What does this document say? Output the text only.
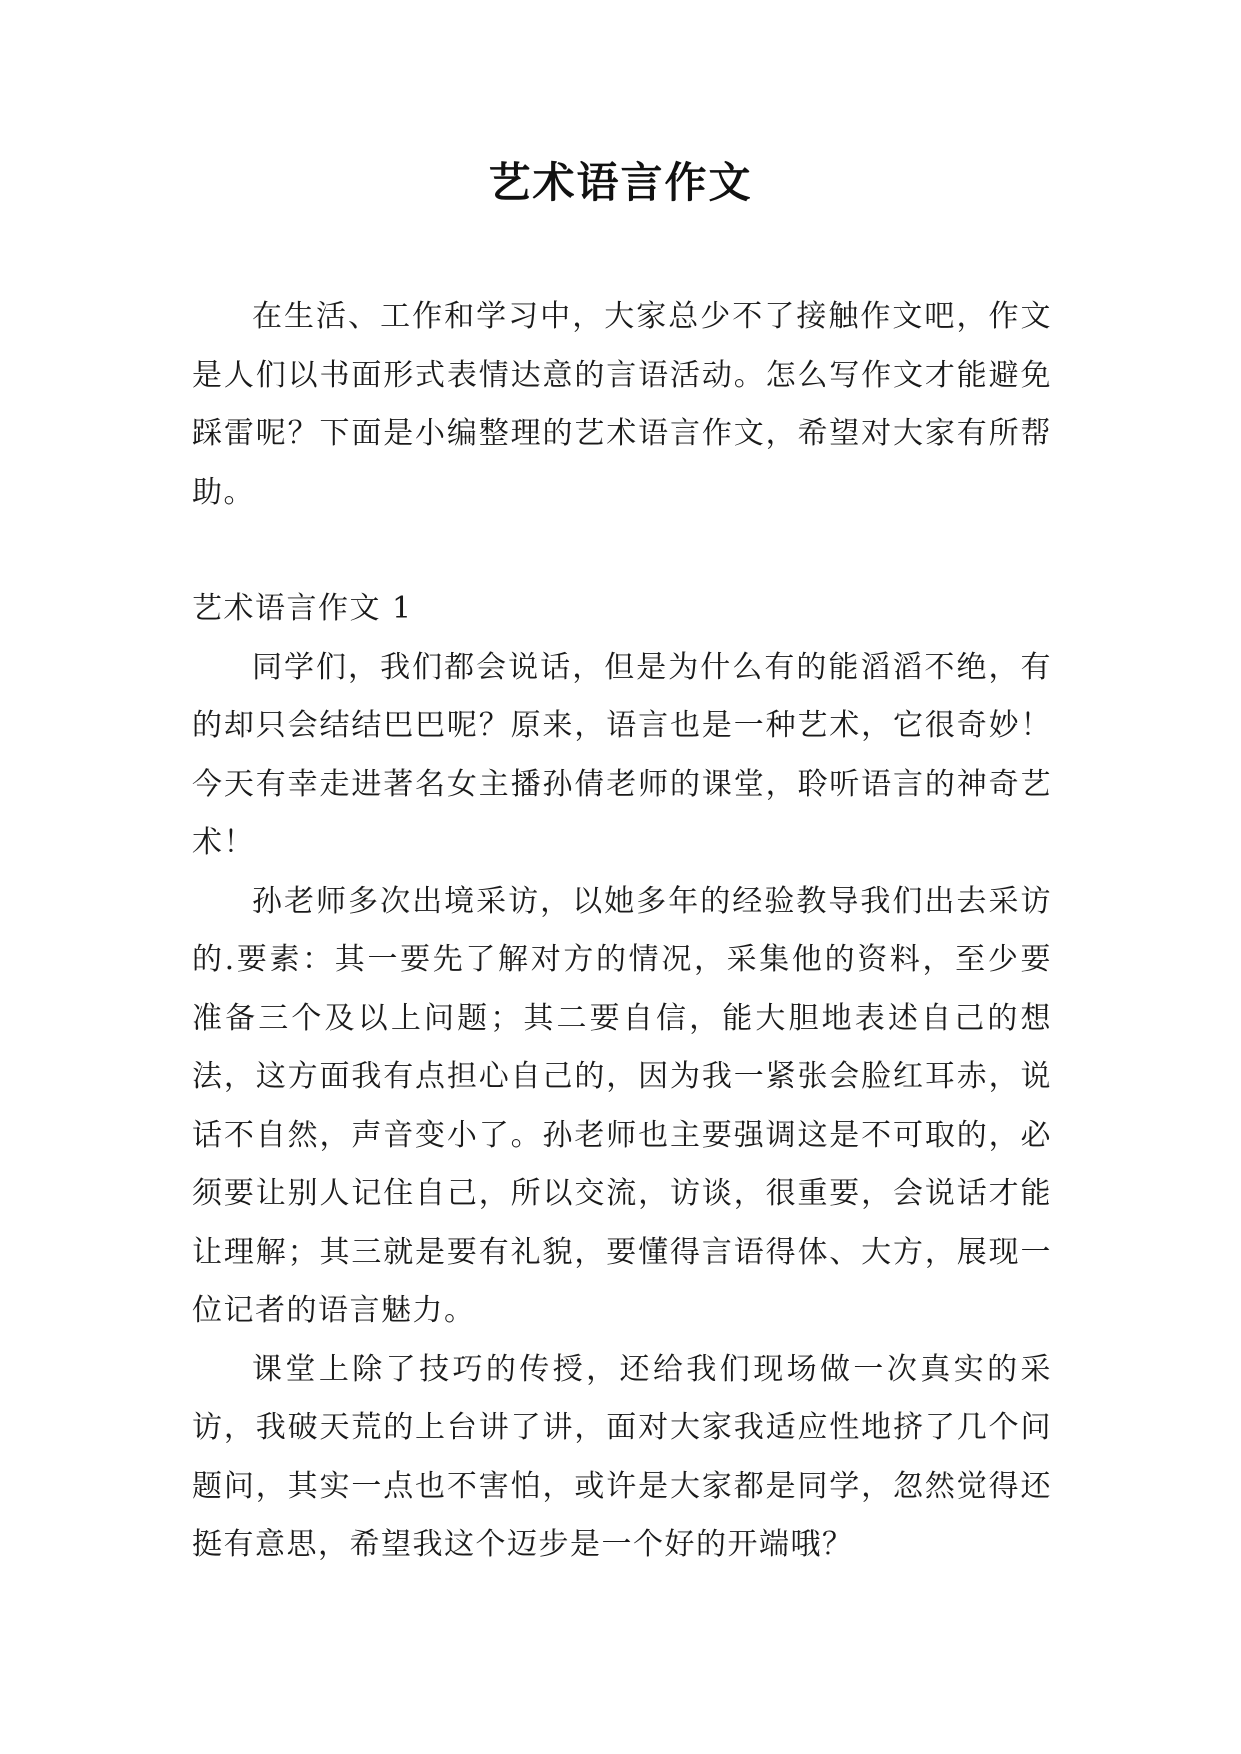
艺术语言作文

在生活、工作和学习中，大家总少不了接触作文吧，作文是人们以书面形式表情达意的言语活动。怎么写作文才能避免踩雷呢？下面是小编整理的艺术语言作文，希望对大家有所帮助。

艺术语言作文 1

同学们，我们都会说话，但是为什么有的能滔滔不绝，有的却只会结结巴巴呢？原来，语言也是一种艺术，它很奇妙！今天有幸走进著名女主播孙倩老师的课堂，聆听语言的神奇艺术！

孙老师多次出境采访，以她多年的经验教导我们出去采访的.要素：其一要先了解对方的情况，采集他的资料，至少要准备三个及以上问题；其二要自信，能大胆地表述自己的想法，这方面我有点担心自己的，因为我一紧张会脸红耳赤，说话不自然，声音变小了。孙老师也主要强调这是不可取的，必须要让别人记住自己，所以交流，访谈，很重要，会说话才能让理解；其三就是要有礼貌，要懂得言语得体、大方，展现一位记者的语言魅力。

课堂上除了技巧的传授，还给我们现场做一次真实的采访，我破天荒的上台讲了讲，面对大家我适应性地挤了几个问题问，其实一点也不害怕，或许是大家都是同学，忽然觉得还挺有意思，希望我这个迈步是一个好的开端哦？
